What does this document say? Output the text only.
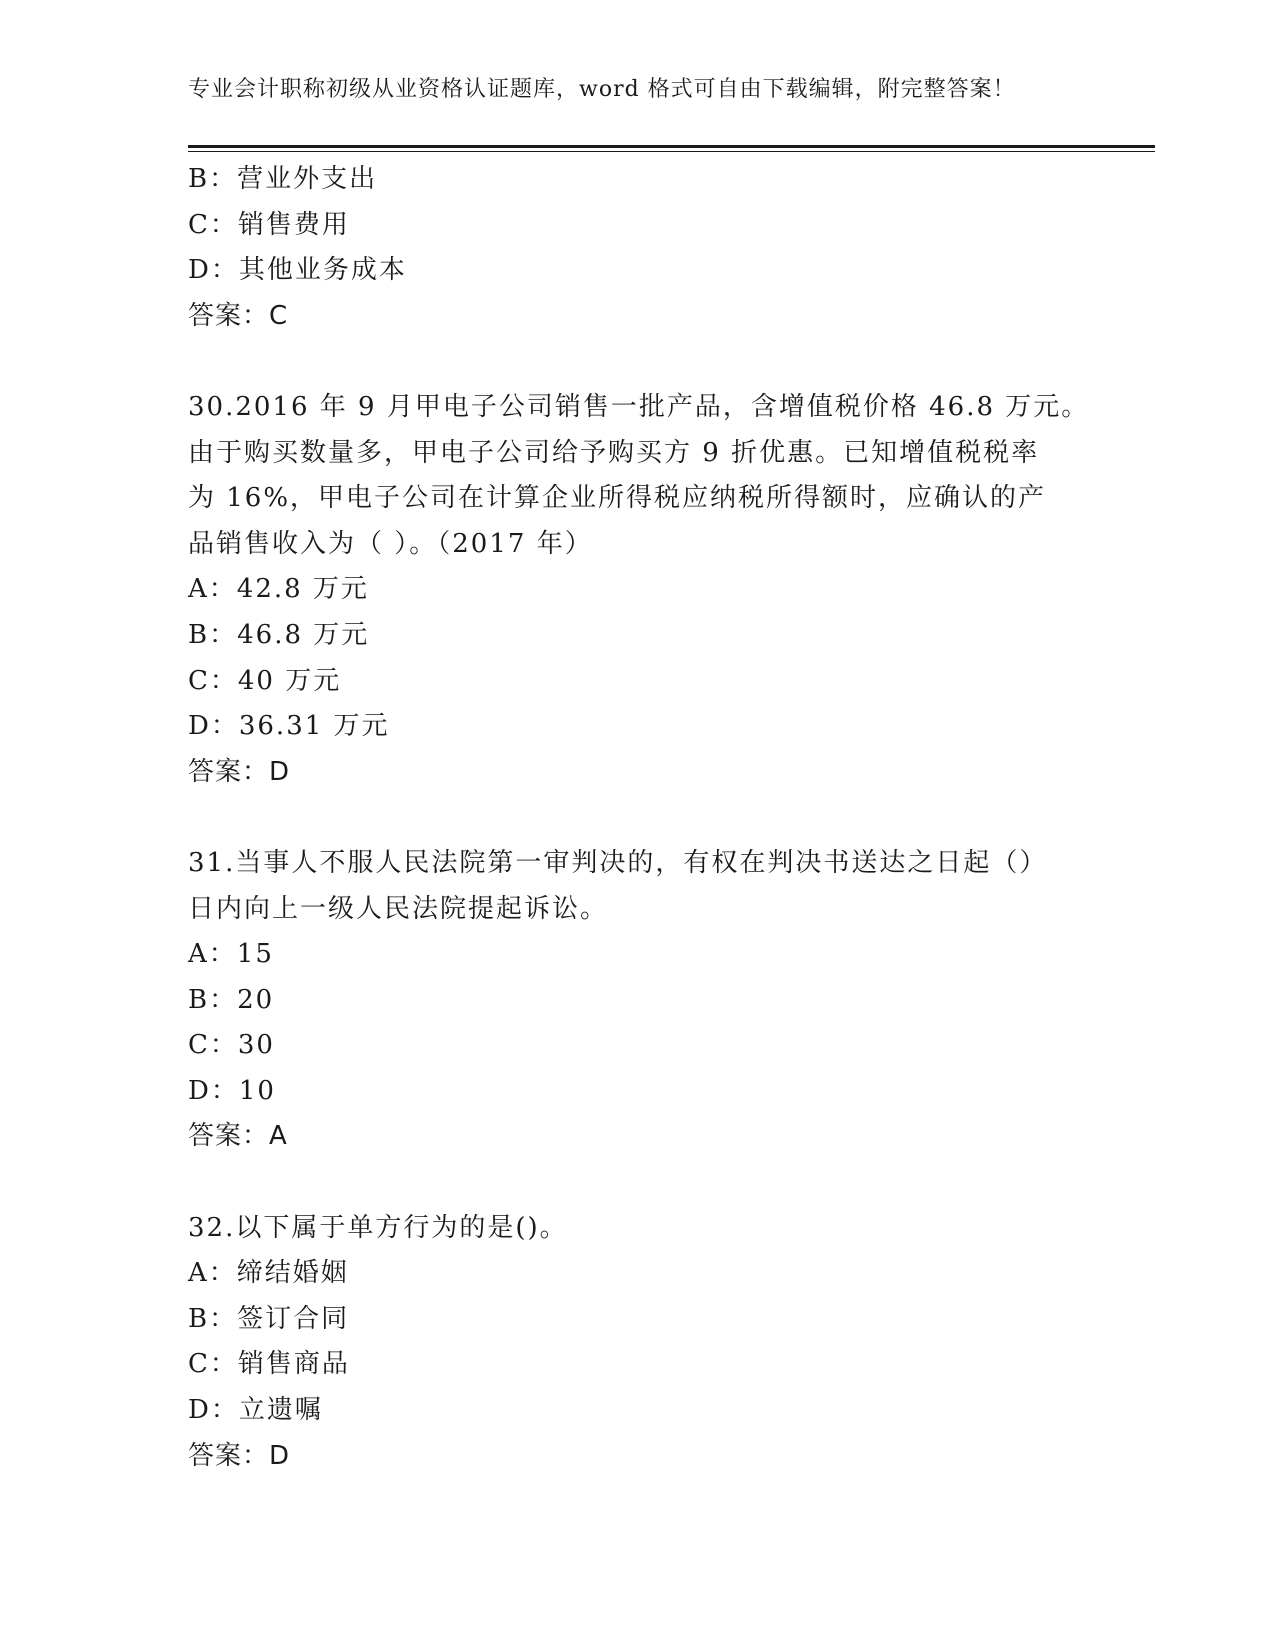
专业会计职称初级从业资格认证题库，word 格式可自由下载编辑，附完整答案！
B：营业外支出
C：销售费用
D：其他业务成本
答案：C
30.2016 年 9 月甲电子公司销售一批产品，含增值税价格 46.8 万元。
由于购买数量多，甲电子公司给予购买方 9 折优惠。已知增值税税率
为 16%，甲电子公司在计算企业所得税应纳税所得额时，应确认的产
品销售收入为（ ）。（2017 年）
A：42.8 万元
B：46.8 万元
C：40 万元
D：36.31 万元
答案：D
31.当事人不服人民法院第一审判决的，有权在判决书送达之日起（）
日内向上一级人民法院提起诉讼。
A：15
B：20
C：30
D：10
答案：A
32.以下属于单方行为的是()。
A：缔结婚姻
B：签订合同
C：销售商品
D：立遗嘱
答案：D
